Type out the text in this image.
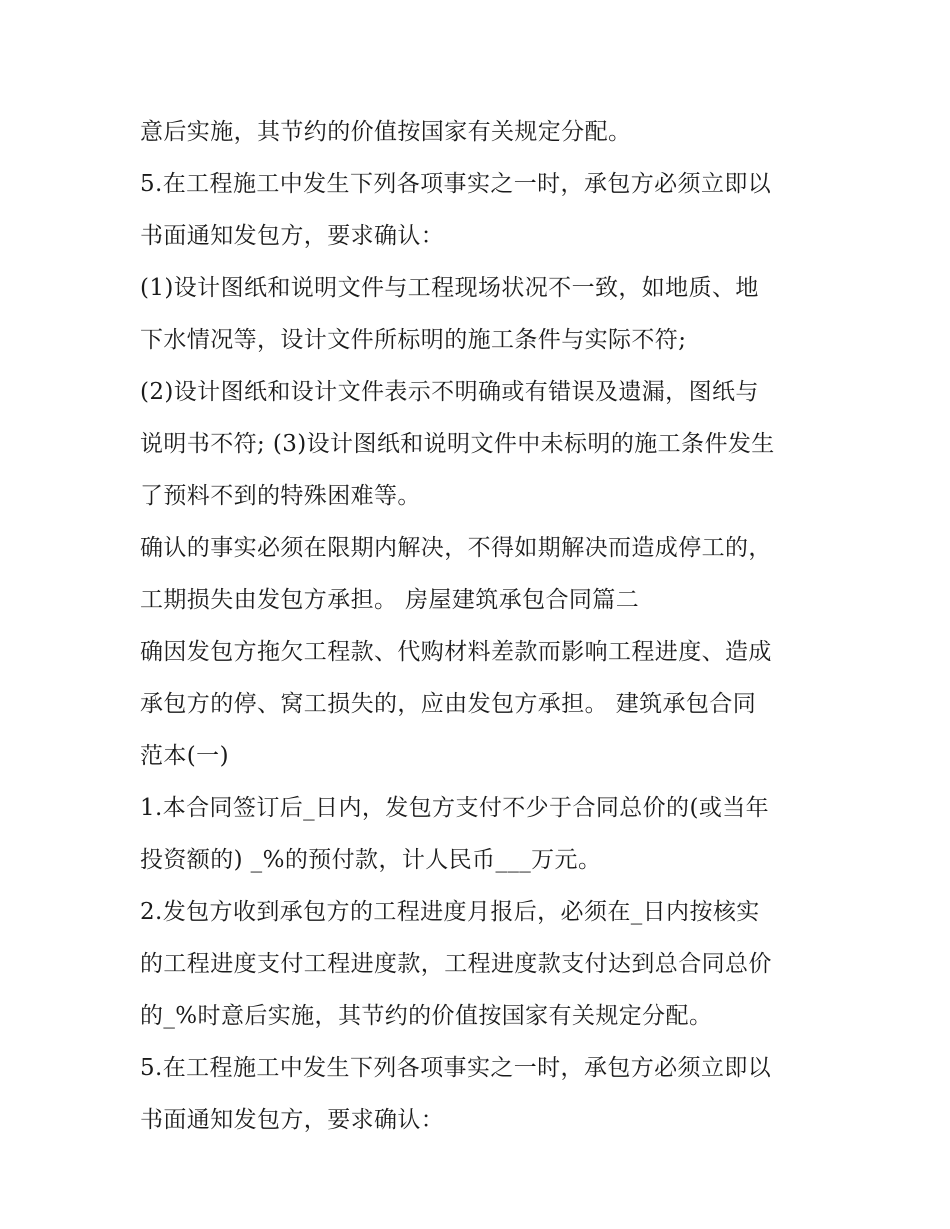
意后实施，其节约的价值按国家有关规定分配。
5.在工程施工中发生下列各项事实之一时，承包方必须立即以
书面通知发包方，要求确认：
(1)设计图纸和说明文件与工程现场状况不一致，如地质、地
下水情况等，设计文件所标明的施工条件与实际不符;
(2)设计图纸和设计文件表示不明确或有错误及遗漏，图纸与
说明书不符; (3)设计图纸和说明文件中未标明的施工条件发生
了预料不到的特殊困难等。
确认的事实必须在限期内解决，不得如期解决而造成停工的，
工期损失由发包方承担。 房屋建筑承包合同篇二
确因发包方拖欠工程款、代购材料差款而影响工程进度、造成
承包方的停、窝工损失的，应由发包方承担。 建筑承包合同
范本(一)
1.本合同签订后_日内，发包方支付不少于合同总价的(或当年
投资额的) _%的预付款，计人民币___万元。
2.发包方收到承包方的工程进度月报后，必须在_日内按核实
的工程进度支付工程进度款，工程进度款支付达到总合同总价
的_%时意后实施，其节约的价值按国家有关规定分配。
5.在工程施工中发生下列各项事实之一时，承包方必须立即以
书面通知发包方，要求确认：
